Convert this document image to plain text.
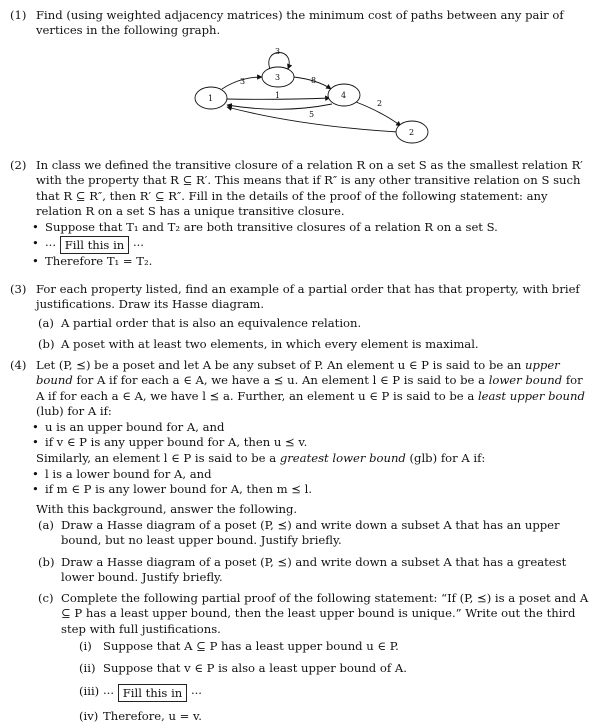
(1) Find (using weighted adjacency matrices) the minimum cost of paths between any pair of vertices in the following graph.

1
3
4
2
3
3
8
1
5
2
(2) In class we defined the transitive closure of a relation R on a set S as the smallest relation R′ with the property that R ⊆ R′. This means that if R″ is any other transitive relation on S such that R ⊆ R″, then R′ ⊆ R″. Fill in the details of the proof of the following statement: any relation R on a set S has a unique transitive closure.

• Suppose that T₁ and T₂ are both transitive closures of a relation R on a set S.
• ··· Fill this in ···
• Therefore T₁ = T₂.
(3) For each property listed, find an example of a partial order that has that property, with brief justifications. Draw its Hasse diagram.

(a) A partial order that is also an equivalence relation.
(b) A poset with at least two elements, in which every element is maximal.
(4) Let (P, ⪯) be a poset and let A be any subset of P. An element u ∈ P is said to be an upper bound for A if for each a ∈ A, we have a ⪯ u. An element l ∈ P is said to be a lower bound for A if for each a ∈ A, we have l ⪯ a. Further, an element u ∈ P is said to be a least upper bound (lub) for A if:

• u is an upper bound for A, and
• if v ∈ P is any upper bound for A, then u ⪯ v.

Similarly, an element l ∈ P is said to be a greatest lower bound (glb) for A if:

• l is a lower bound for A, and
• if m ∈ P is any lower bound for A, then m ⪯ l.

With this background, answer the following.

(a) Draw a Hasse diagram of a poset (P, ⪯) and write down a subset A that has an upper bound, but no least upper bound. Justify briefly.
(b) Draw a Hasse diagram of a poset (P, ⪯) and write down a subset A that has a greatest lower bound. Justify briefly.
(c) Complete the following partial proof of the following statement: “If (P, ⪯) is a poset and A ⊆ P has a least upper bound, then the least upper bound is unique.” Write out the third step with full justifications.
(i) Suppose that A ⊆ P has a least upper bound u ∈ P.
(ii) Suppose that v ∈ P is also a least upper bound of A.
(iii) ··· Fill this in ···
(iv) Therefore, u = v.
